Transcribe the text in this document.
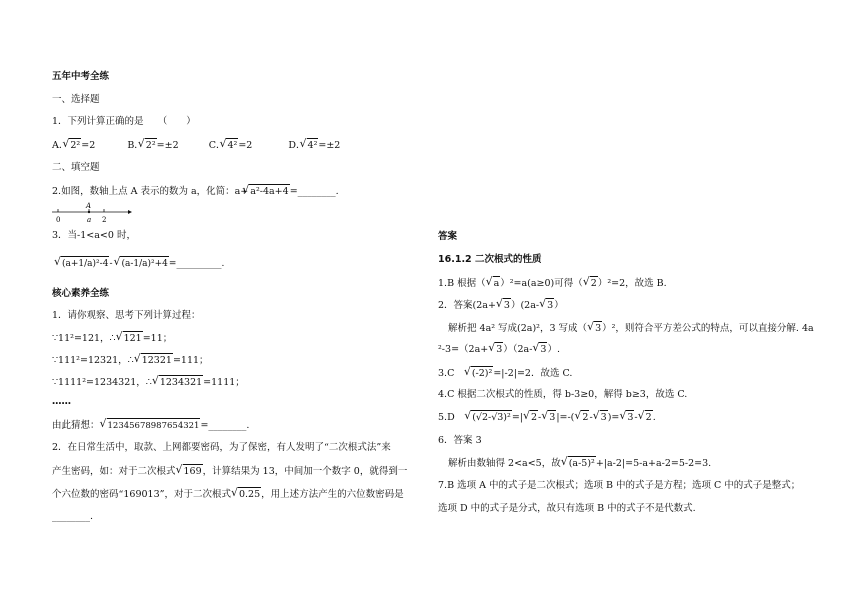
五年中考全练
一、选择题
1．下列计算正确的是　　（　　）
A． √ 2²=2	B． √ 2²=±2	C． √ 4²=2	D． √ 4²=±2
二、填空题
2.如图，数轴上点 A 表示的数为 a，化简：a+ √ a²-4a+4=________.
A
0	a 2
3．当-1<a<0 时，
√ (a+1/a)²-4- √ (a-1/a)²+4=__________.
核心素养全练
1．请你观察、思考下列计算过程：
∵11²=121，∴ √ 121=11；
∵111²=12321，∴ √ 12321=111；
∵1111²=1234321，∴ √ 1234321=1111；
……
由此猜想： √ 12345678987654321=________.
2．在日常生活中，取款、上网都要密码，为了保密，有人发明了“二次根式法”来
产生密码，如：对于二次根式 √ 169，计算结果为 13，中间加一个数字 0，就得到一
个六位数的密码“169013”，对于二次根式 √ 0.25，用上述方法产生的六位数密码是
________.
答案
16.1.2 二次根式的性质
1.B 根据（ √ a）²=a(a≥0)可得（ √ 2）²=2，故选 B.
2．答案(2a+ √ 3）(2a- √ 3）
解析把 4a² 写成(2a)²，3 写成（ √ 3）²，则符合平方差公式的特点，可以直接分解. 4a
²-3=（2a+ √ 3）（2a- √ 3）.
3.C　√ (-2)²=|-2|=2．故选 C.
4.C 根据二次根式的性质，得 b-3≥0，解得 b≥3，故选 C.
5.D　√ (√2-√3)²=| √ 2- √ 3|=-( √ 2- √ 3)= √ 3- √ 2.
6．答案 3
解析由数轴得 2<a<5，故 √ (a-5)²+|a-2|=5-a+a-2=5-2=3.
7.B 选项 A 中的式子是二次根式；选项 B 中的式子是方程；选项 C 中的式子是整式；
选项 D 中的式子是分式，故只有选项 B 中的式子不是代数式.
